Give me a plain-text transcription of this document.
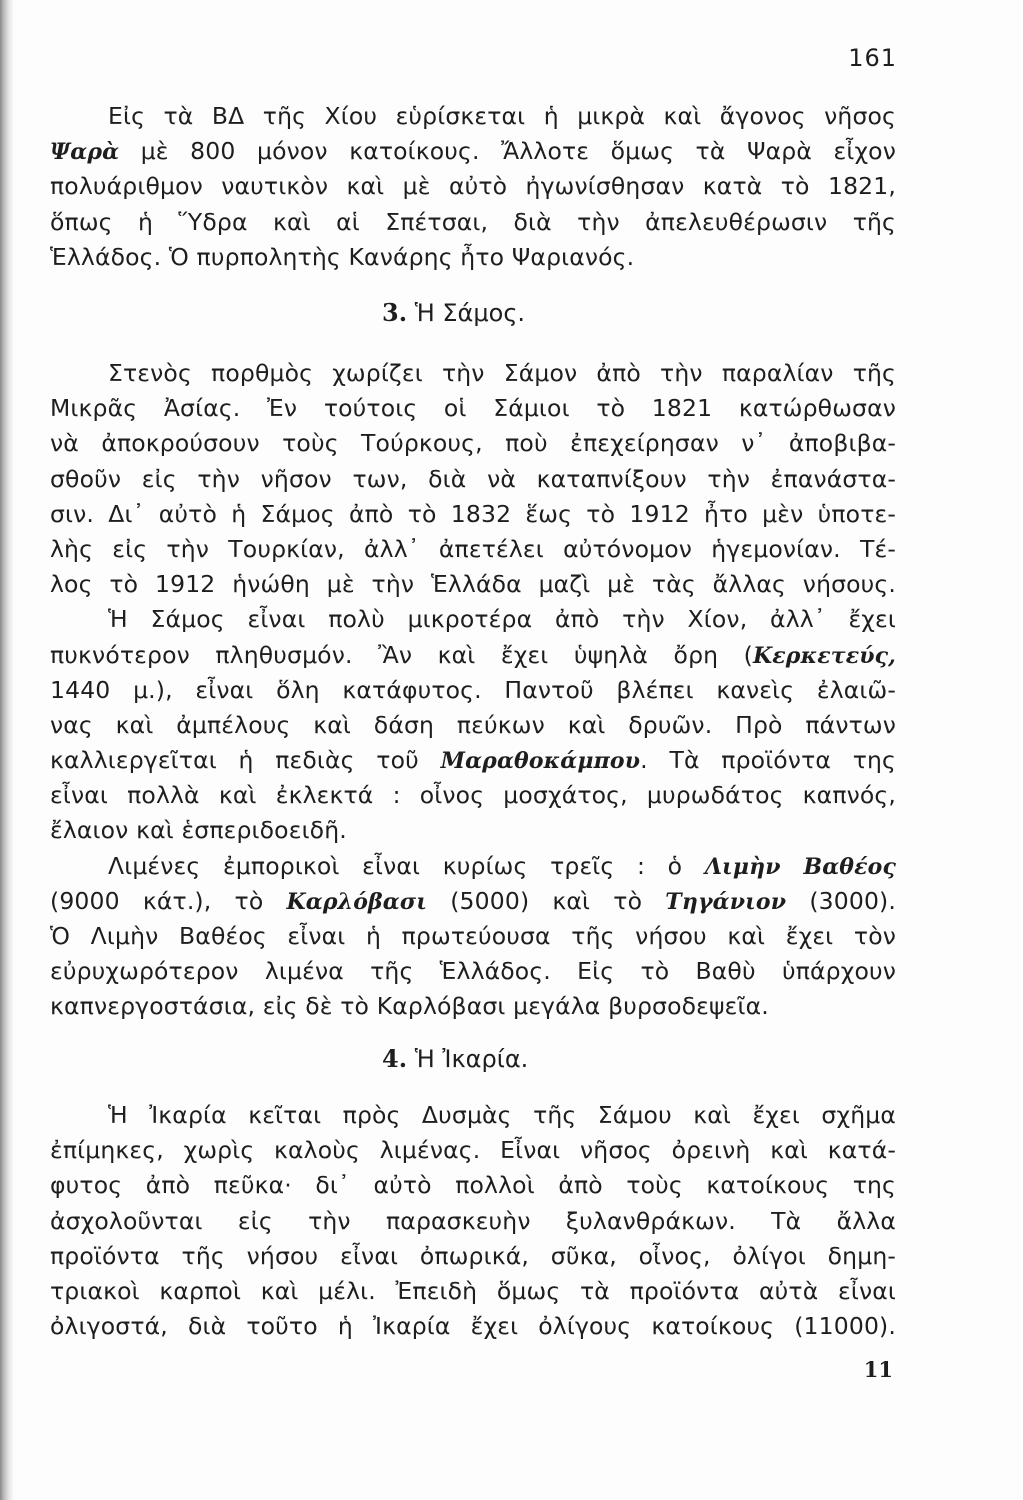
161
Εἰς τὰ ΒΔ τῆς Χίου εὑρίσκεται ἡ μικρὰ καὶ ἄγονος νῆσος
Ψαρὰ μὲ 800 μόνον κατοίκους. Ἄλλοτε ὅμως τὰ Ψαρὰ εἶχον
πολυάριθμον ναυτικὸν καὶ μὲ αὐτὸ ἠγωνίσθησαν κατὰ τὸ 1821,
ὅπως ἡ Ὕδρα καὶ αἱ Σπέτσαι, διὰ τὴν ἀπελευθέρωσιν τῆς
Ἑλλάδος. Ὁ πυρπολητὴς Κανάρης ἦτο Ψαριανός.
3. Ἡ Σάμος.
Στενὸς πορθμὸς χωρίζει τὴν Σάμον ἀπὸ τὴν παραλίαν τῆς
Μικρᾶς Ἀσίας. Ἐν τούτοις οἱ Σάμιοι τὸ 1821 κατώρθωσαν
νὰ ἀποκρούσουν τοὺς Τούρκους, ποὺ ἐπεχείρησαν ν᾿ ἀποβιβα-
σθοῦν εἰς τὴν νῆσον των, διὰ νὰ καταπνίξουν τὴν ἐπανάστα-
σιν. Δι᾿ αὐτὸ ἡ Σάμος ἀπὸ τὸ 1832 ἕως τὸ 1912 ἦτο μὲν ὑποτε-
λὴς εἰς τὴν Τουρκίαν, ἀλλ᾿ ἀπετέλει αὐτόνομον ἡγεμονίαν. Τέ-
λος τὸ 1912 ἡνώθη μὲ τὴν Ἑλλάδα μαζὶ μὲ τὰς ἄλλας νήσους.
Ἡ Σάμος εἶναι πολὺ μικροτέρα ἀπὸ τὴν Χίον, ἀλλ᾿ ἔχει
πυκνότερον πληθυσμόν. Ἂν καὶ ἔχει ὑψηλὰ ὄρη (Κερκετεύς,
1440 μ.), εἶναι ὅλη κατάφυτος. Παντοῦ βλέπει κανεὶς ἐλαιῶ-
νας καὶ ἀμπέλους καὶ δάση πεύκων καὶ δρυῶν. Πρὸ πάντων
καλλιεργεῖται ἡ πεδιὰς τοῦ Μαραθοκάμπου. Τὰ προϊόντα της
εἶναι πολλὰ καὶ ἐκλεκτά : οἶνος μοσχάτος, μυρωδάτος καπνός,
ἔλαιον καὶ ἑσπεριδοειδῆ.
Λιμένες ἐμπορικοὶ εἶναι κυρίως τρεῖς : ὁ Λιμὴν Βαθέος
(9000 κάτ.), τὸ Καρλόβασι (5000) καὶ τὸ Τηγάνιον (3000).
Ὁ Λιμὴν Βαθέος εἶναι ἡ πρωτεύουσα τῆς νήσου καὶ ἔχει τὸν
εὐρυχωρότερον λιμένα τῆς Ἑλλάδος. Εἰς τὸ Βαθὺ ὑπάρχουν
καπνεργοστάσια, εἰς δὲ τὸ Καρλόβασι μεγάλα βυρσοδεψεῖα.
4. Ἡ Ἰκαρία.
Ἡ Ἰκαρία κεῖται πρὸς Δυσμὰς τῆς Σάμου καὶ ἔχει σχῆμα
ἐπίμηκες, χωρὶς καλοὺς λιμένας. Εἶναι νῆσος ὀρεινὴ καὶ κατά-
φυτος ἀπὸ πεῦκα· δι᾿ αὐτὸ πολλοὶ ἀπὸ τοὺς κατοίκους της
ἀσχολοῦνται εἰς τὴν παρασκευὴν ξυλανθράκων. Τὰ ἄλλα
προϊόντα τῆς νήσου εἶναι ὀπωρικά, σῦκα, οἶνος, ὀλίγοι δημη-
τριακοὶ καρποὶ καὶ μέλι. Ἐπειδὴ ὅμως τὰ προϊόντα αὐτὰ εἶναι
ὀλιγοστά, διὰ τοῦτο ἡ Ἰκαρία ἔχει ὀλίγους κατοίκους (11000).
11
